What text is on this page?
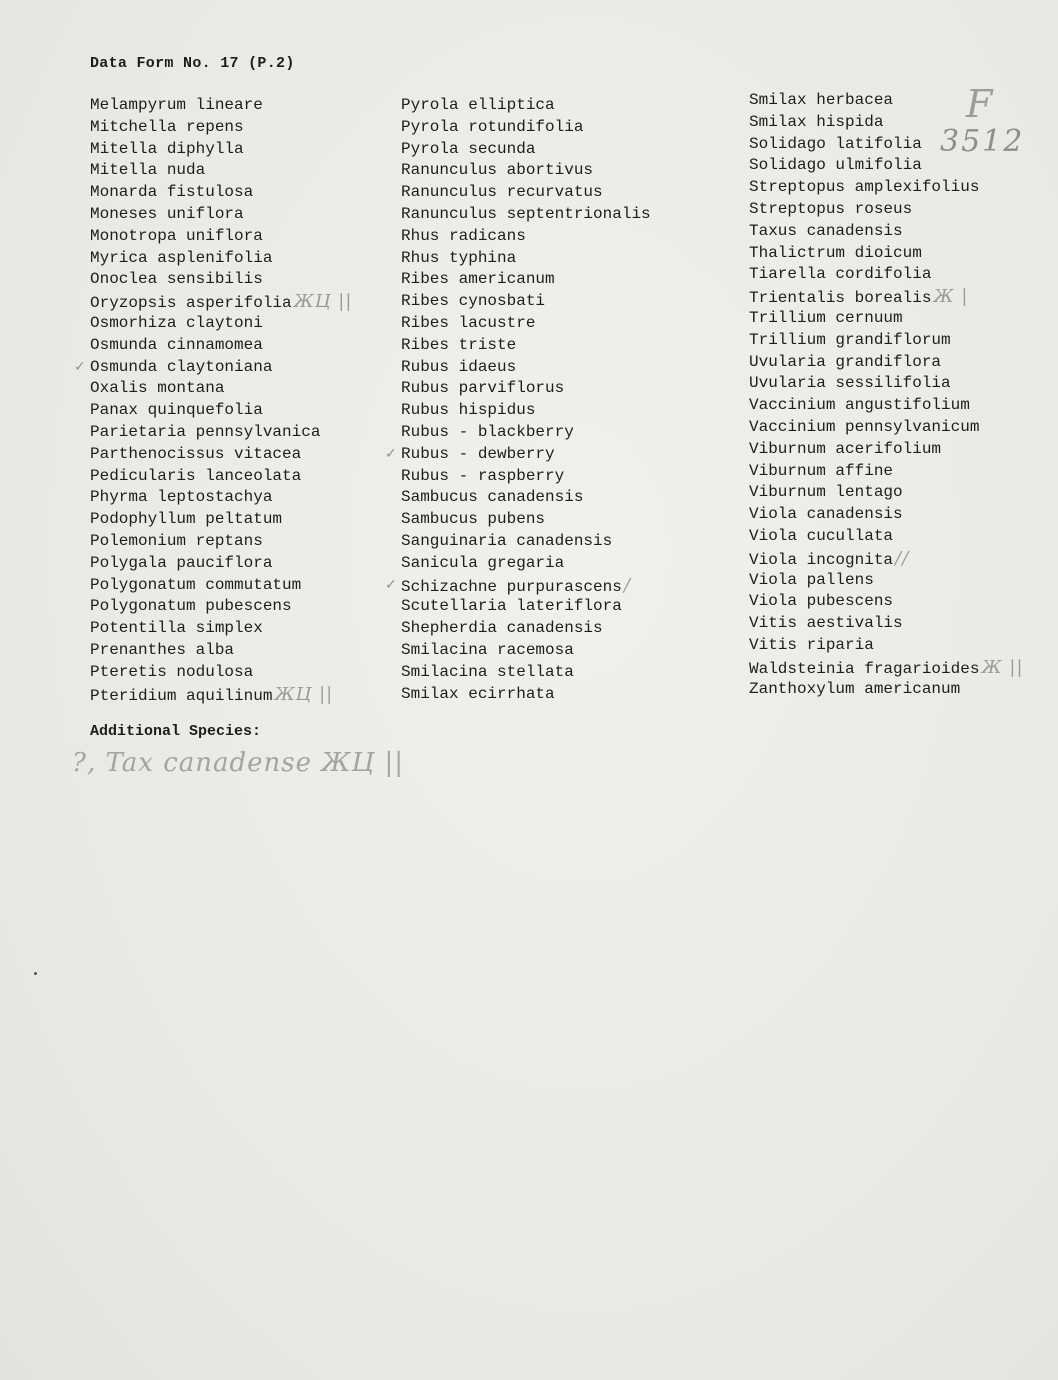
Data Form No. 17 (P.2)
F
3512
Melampyrum lineare
Mitchella repens
Mitella diphylla
Mitella nuda
Monarda fistulosa
Moneses uniflora
Monotropa uniflora
Myrica asplenifolia
Onoclea sensibilis
Oryzopsis asperifolia ЖЦ ||
Osmorhiza claytoni
Osmunda cinnamomea
✓ Osmunda claytoniana
Oxalis montana
Panax quinquefolia
Parietaria pennsylvanica
Parthenocissus vitacea
Pedicularis lanceolata
Phyrma leptostachya
Podophyllum peltatum
Polemonium reptans
Polygala pauciflora
Polygonatum commutatum
Polygonatum pubescens
Potentilla simplex
Prenanthes alba
Pteretis nodulosa
Pteridium aquilinum ЖЦ ||
Pyrola elliptica
Pyrola rotundifolia
Pyrola secunda
Ranunculus abortivus
Ranunculus recurvatus
Ranunculus septentrionalis
Rhus radicans
Rhus typhina
Ribes americanum
Ribes cynosbati
Ribes lacustre
Ribes triste
Rubus idaeus
Rubus parviflorus
Rubus hispidus
Rubus - blackberry
✓ Rubus - dewberry
Rubus - raspberry
Sambucus canadensis
Sambucus pubens
Sanguinaria canadensis
Sanicula gregaria
✓ Schizachne purpurascens /
Scutellaria lateriflora
Shepherdia canadensis
Smilacina racemosa
Smilacina stellata
Smilax ecirrhata
Smilax herbacea
Smilax hispida
Solidago latifolia
Solidago ulmifolia
Streptopus amplexifolius
Streptopus roseus
Taxus canadensis
Thalictrum dioicum
Tiarella cordifolia
Trientalis borealis Ж |
Trillium cernuum
Trillium grandiflorum
Uvularia grandiflora
Uvularia sessilifolia
Vaccinium angustifolium
Vaccinium pennsylvanicum
Viburnum acerifolium
Viburnum affine
Viburnum lentago
Viola canadensis
Viola cucullata
Viola incognita //
Viola pallens
Viola pubescens
Vitis aestivalis
Vitis riparia
Waldsteinia fragarioides Ж ||
Zanthoxylum americanum
Additional Species:
?, Tax canadense ЖЦ ||
